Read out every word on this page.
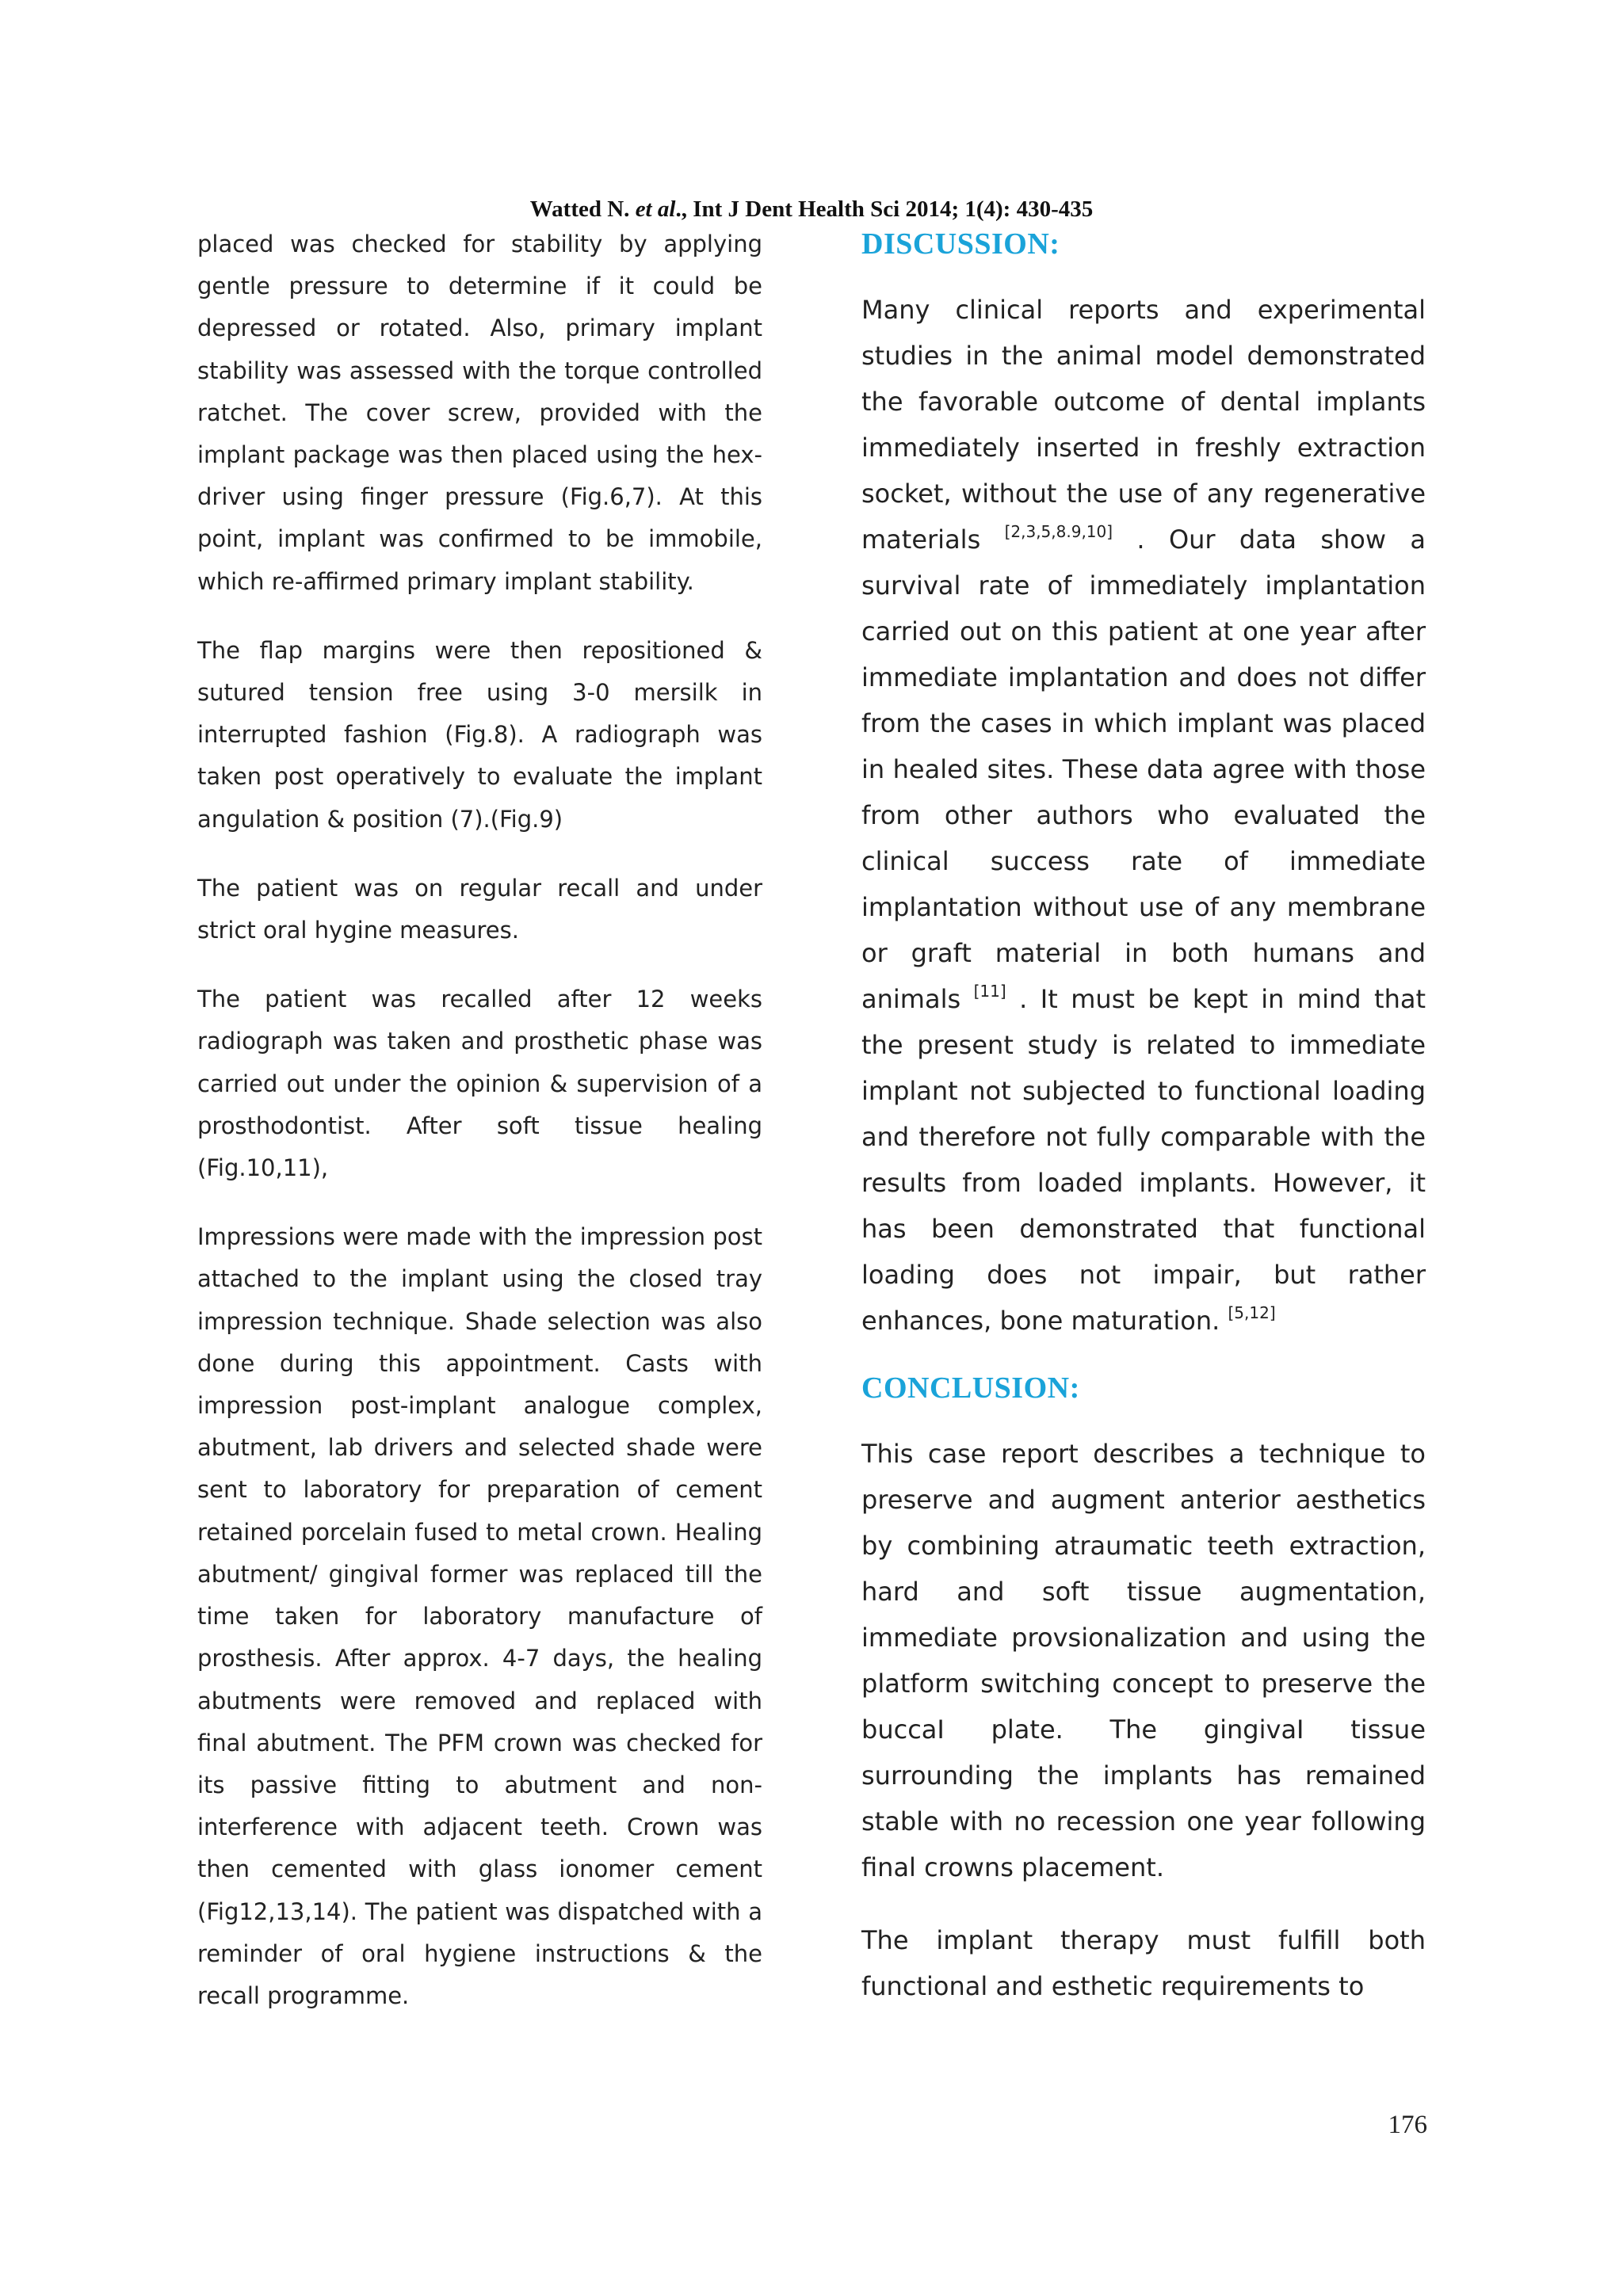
Watted N. et al., Int J Dent Health Sci 2014; 1(4): 430-435

placed was checked for stability by applying gentle pressure to determine if it could be depressed or rotated. Also, primary implant stability was assessed with the torque controlled ratchet. The cover screw, provided with the implant package was then placed using the hex-driver using finger pressure (Fig.6,7). At this point, implant was confirmed to be immobile, which re-affirmed primary implant stability.

The flap margins were then repositioned & sutured tension free using 3-0 mersilk in interrupted fashion (Fig.8). A radiograph was taken post operatively to evaluate the implant angulation & position (7).(Fig.9)

The patient was on regular recall and under strict oral hygine measures.

The patient was recalled after 12 weeks radiograph was taken and prosthetic phase was carried out under the opinion & supervision of a prosthodontist. After soft tissue healing (Fig.10,11),

Impressions were made with the impression post attached to the implant using the closed tray impression technique. Shade selection was also done during this appointment. Casts with impression post-implant analogue complex, abutment, lab drivers and selected shade were sent to laboratory for preparation of cement retained porcelain fused to metal crown. Healing abutment/ gingival former was replaced till the time taken for laboratory manufacture of prosthesis. After approx. 4-7 days, the healing abutments were removed and replaced with final abutment. The PFM crown was checked for its passive fitting to abutment and non-interference with adjacent teeth. Crown was then cemented with glass ionomer cement (Fig12,13,14). The patient was dispatched with a reminder of oral hygiene instructions & the recall programme.

DISCUSSION:

Many clinical reports and experimental studies in the animal model demonstrated the favorable outcome of dental implants immediately inserted in freshly extraction socket, without the use of any regenerative materials [2,3,5,8.9,10] . Our data show a survival rate of immediately implantation carried out on this patient at one year after immediate implantation and does not differ from the cases in which implant was placed in healed sites. These data agree with those from other authors who evaluated the clinical success rate of immediate implantation without use of any membrane or graft material in both humans and animals [11] . It must be kept in mind that the present study is related to immediate implant not subjected to functional loading and therefore not fully comparable with the results from loaded implants. However, it has been demonstrated that functional loading does not impair, but rather enhances, bone maturation. [5,12]

CONCLUSION:

This case report describes a technique to preserve and augment anterior aesthetics by combining atraumatic teeth extraction, hard and soft tissue augmentation, immediate provsionalization and using the platform switching concept to preserve the buccaI plate. The gingivaI tissue surrounding the implants has remained stable with no recession one year following final crowns placement.

The implant therapy must fulfill both functional and esthetic requirements to

176
